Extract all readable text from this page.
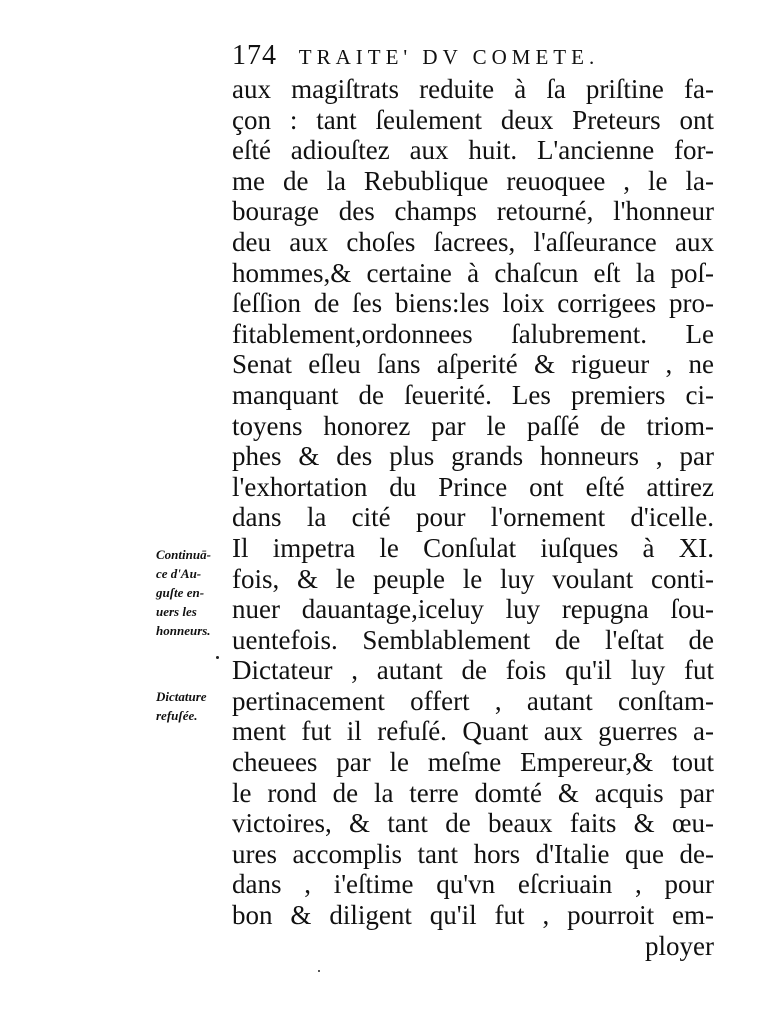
174 TRAITE' DV COMETE.
aux magiſtrats reduite à ſa priſtine fa-
çon : tant ſeulement deux Preteurs ont
eſté adiouſtez aux huit. L'ancienne for-
me de la Rebublique reuoquee , le la-
bourage des champs retourné, l'honneur
deu aux choſes ſacrees, l'aſſeurance aux
hommes,& certaine à chaſcun eſt la poſ-
ſeſſion de ſes biens:les loix corrigees pro-
fitablement,ordonnees ſalubrement. Le
Senat eſleu ſans aſperité & rigueur , ne
manquant de ſeuerité. Les premiers ci-
toyens honorez par le paſſé de triom-
phes & des plus grands honneurs , par
l'exhortation du Prince ont eſté attirez
dans la cité pour l'ornement d'icelle.
Il impetra le Conſulat iuſques à XI.
fois, & le peuple le luy voulant conti-
nuer dauantage,iceluy luy repugna ſou-
uentefois. Semblablement de l'eſtat de
Dictateur , autant de fois qu'il luy fut
pertinacement offert , autant conſtam-
ment fut il refuſé. Quant aux guerres a-
cheuees par le meſme Empereur,& tout
le rond de la terre domté & acquis par
victoires, & tant de beaux faits & œu-
ures accomplis tant hors d'Italie que de-
dans , i'eſtime qu'vn eſcriuain , pour
bon & diligent qu'il fut , pourroit em-
ployer
Continuā-
ce d'Au-
guſte en-
uers les
honneurs.
Dictature
refuſée.
